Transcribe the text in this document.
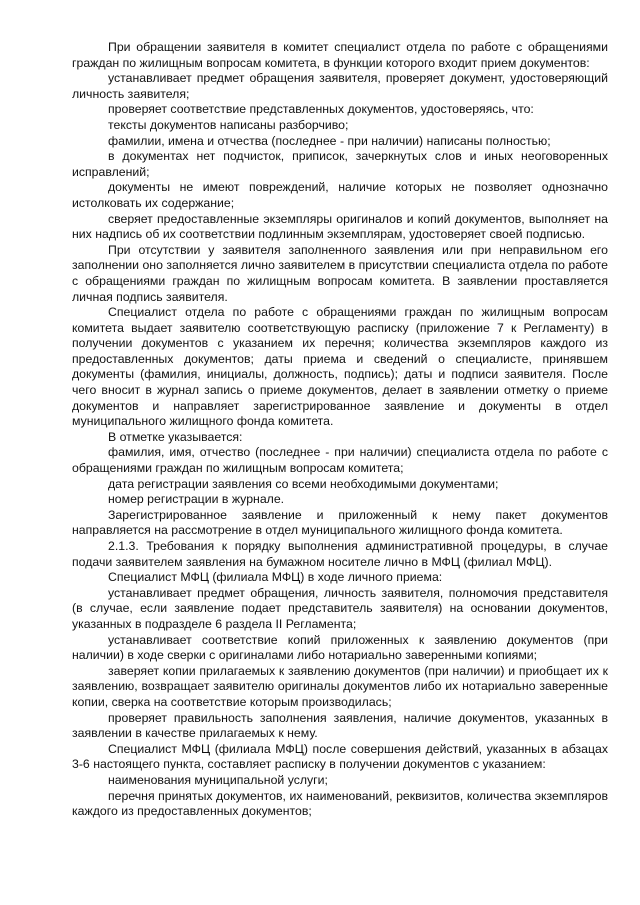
При обращении заявителя в комитет специалист отдела по работе с обращениями граждан по жилищным вопросам комитета, в функции которого входит прием документов:

устанавливает предмет обращения заявителя, проверяет документ, удостоверяющий личность заявителя;

проверяет соответствие представленных документов, удостоверяясь, что:

тексты документов написаны разборчиво;

фамилии, имена и отчества (последнее - при наличии) написаны полностью;

в документах нет подчисток, приписок, зачеркнутых слов и иных неоговоренных исправлений;

документы не имеют повреждений, наличие которых не позволяет однозначно истолковать их содержание;

сверяет предоставленные экземпляры оригиналов и копий документов, выполняет на них надпись об их соответствии подлинным экземплярам, удостоверяет своей подписью.

При отсутствии у заявителя заполненного заявления или при неправильном его заполнении оно заполняется лично заявителем в присутствии специалиста отдела по работе с обращениями граждан по жилищным вопросам комитета. В заявлении проставляется личная подпись заявителя.

Специалист отдела по работе с обращениями граждан по жилищным вопросам комитета выдает заявителю соответствующую расписку (приложение 7 к Регламенту) в получении документов с указанием их перечня; количества экземпляров каждого из предоставленных документов; даты приема и сведений о специалисте, принявшем документы (фамилия, инициалы, должность, подпись); даты и подписи заявителя. После чего вносит в журнал запись о приеме документов, делает в заявлении отметку о приеме документов и направляет зарегистрированное заявление и документы в отдел муниципального жилищного фонда комитета.

В отметке указывается:

фамилия, имя, отчество (последнее - при наличии) специалиста отдела по работе с обращениями граждан по жилищным вопросам комитета;

дата регистрации заявления со всеми необходимыми документами;

номер регистрации в журнале.

Зарегистрированное заявление и приложенный к нему пакет документов направляется на рассмотрение в отдел муниципального жилищного фонда комитета.

2.1.3. Требования к порядку выполнения административной процедуры, в случае подачи заявителем заявления на бумажном носителе лично в МФЦ (филиал МФЦ).

Специалист МФЦ (филиала МФЦ) в ходе личного приема:

устанавливает предмет обращения, личность заявителя, полномочия представителя (в случае, если заявление подает представитель заявителя) на основании документов, указанных в подразделе 6 раздела II Регламента;

устанавливает соответствие копий приложенных к заявлению документов (при наличии) в ходе сверки с оригиналами либо нотариально заверенными копиями;

заверяет копии прилагаемых к заявлению документов (при наличии) и приобщает их к заявлению, возвращает заявителю оригиналы документов либо их нотариально заверенные копии, сверка на соответствие которым производилась;

проверяет правильность заполнения заявления, наличие документов, указанных в заявлении в качестве прилагаемых к нему.

Специалист МФЦ (филиала МФЦ) после совершения действий, указанных в абзацах 3-6 настоящего пункта, составляет расписку в получении документов с указанием:

наименования муниципальной услуги;

перечня принятых документов, их наименований, реквизитов, количества экземпляров каждого из предоставленных документов;
